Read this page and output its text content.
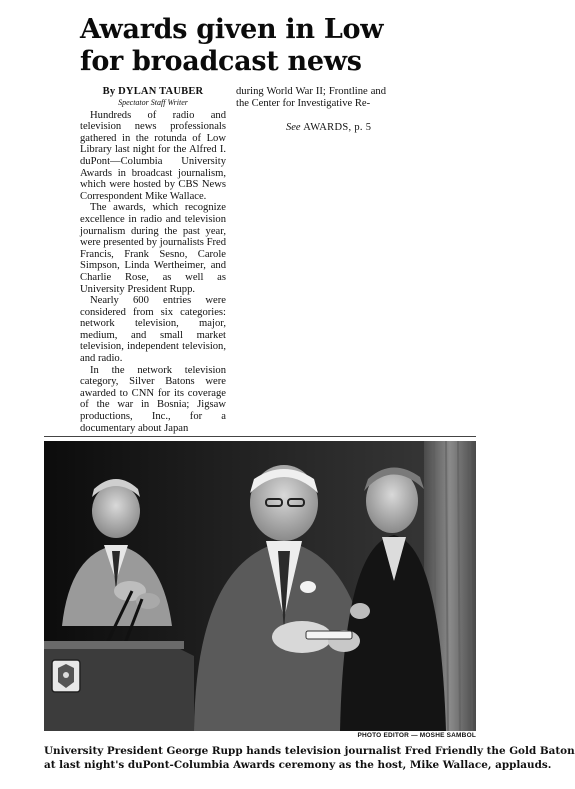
Awards given in Low
for broadcast news
By DYLAN TAUBER
Spectator Staff Writer

Hundreds of radio and television news professionals gathered in the rotunda of Low Library last night for the Alfred I. duPont—Columbia University Awards in broadcast journalism, which were hosted by CBS News Correspondent Mike Wallace.

The awards, which recognize excellence in radio and television journalism during the past year, were presented by journalists Fred Francis, Frank Sesno, Carole Simpson, Linda Wertheimer, and Charlie Rose, as well as University President Rupp.

Nearly 600 entries were considered from six categories: network television, major, medium, and small market television, independent television, and radio.

In the network television category, Silver Batons were awarded to CNN for its coverage of the war in Bosnia; Jigsaw productions, Inc., for a documentary about Japan

during World War II; Frontline and the Center for Investigative Re-

See AWARDS, p. 5
PHOTO EDITOR — MOSHE SAMBOL
University President George Rupp hands television journalist Fred Friendly the Gold Baton
at last night's duPont-Columbia Awards ceremony as the host, Mike Wallace, applauds.
